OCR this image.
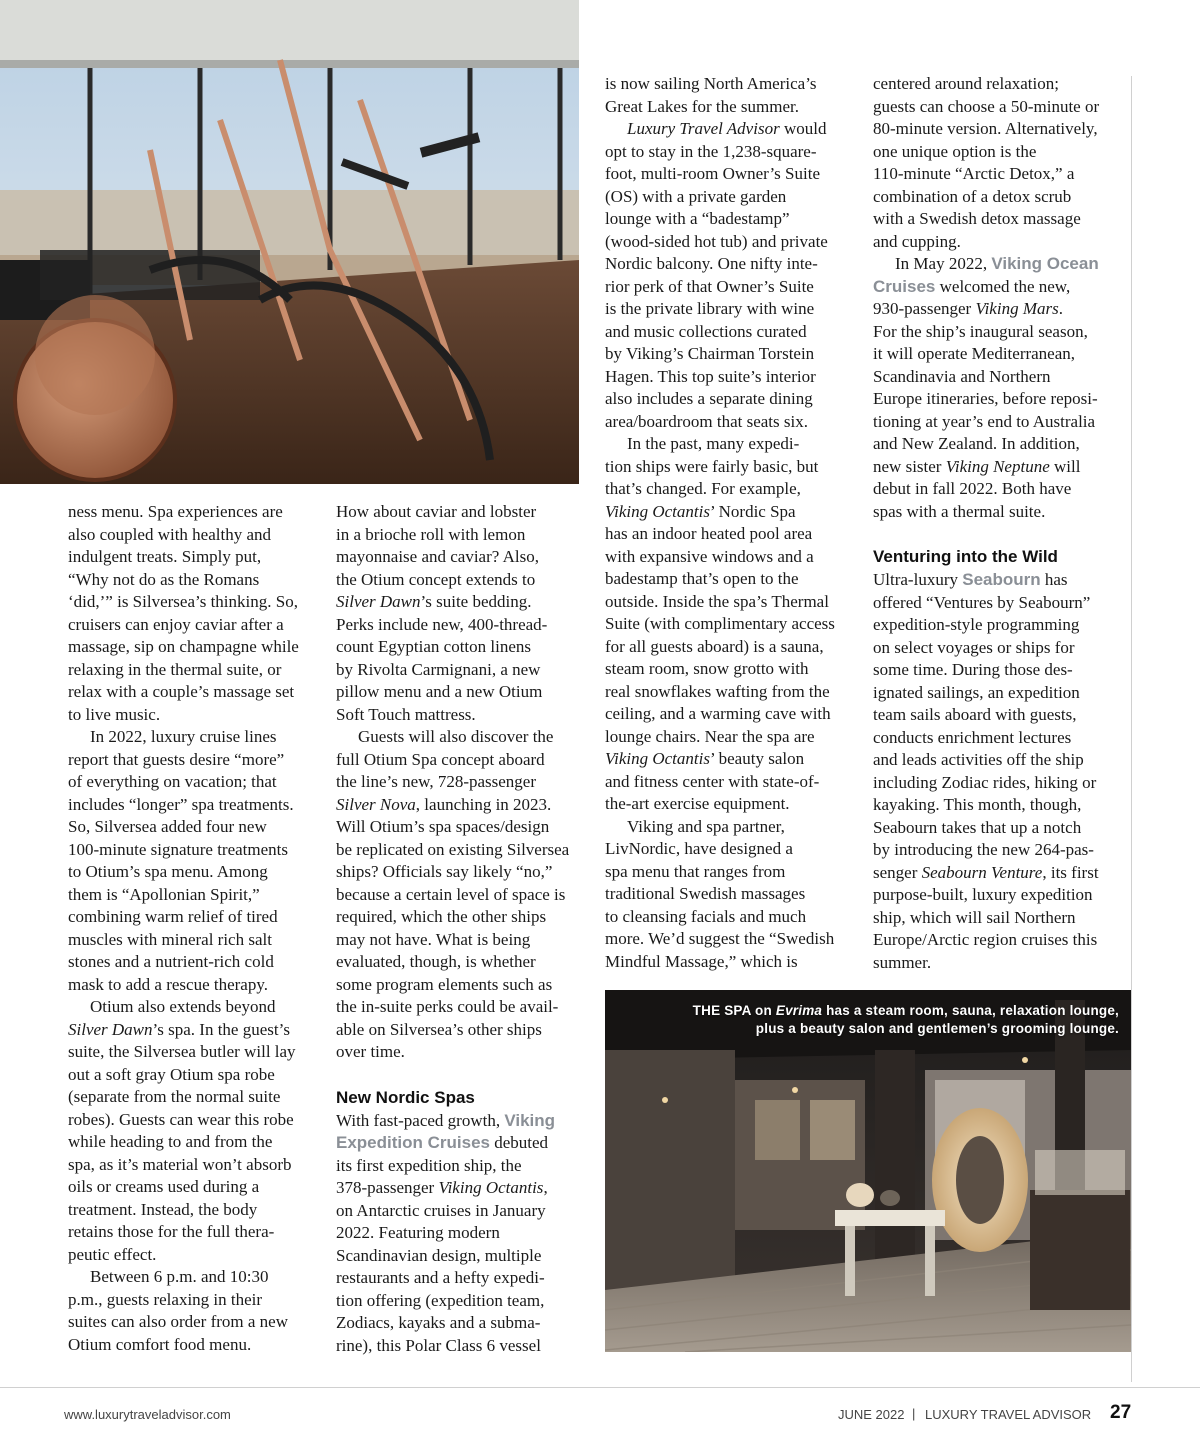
ness menu. Spa experiences are
also coupled with healthy and
indulgent treats. Simply put,
“Why not do as the Romans
‘did,’” is Silversea’s thinking. So,
cruisers can enjoy caviar after a
massage, sip on champagne while
relaxing in the thermal suite, or
relax with a couple’s massage set
to live music.

In 2022, luxury cruise lines
report that guests desire “more”
of everything on vacation; that
includes “longer” spa treatments.
So, Silversea added four new
100-minute signature treatments
to Otium’s spa menu. Among
them is “Apollonian Spirit,”
combining warm relief of tired
muscles with mineral rich salt
stones and a nutrient-rich cold
mask to add a rescue therapy.

Otium also extends beyond
Silver Dawn’s spa. In the guest’s
suite, the Silversea butler will lay
out a soft gray Otium spa robe
(separate from the normal suite
robes). Guests can wear this robe
while heading to and from the
spa, as it’s material won’t absorb
oils or creams used during a
treatment. Instead, the body
retains those for the full thera-
peutic effect.

Between 6 p.m. and 10:30
p.m., guests relaxing in their
suites can also order from a new
Otium comfort food menu.

How about caviar and lobster
in a brioche roll with lemon
mayonnaise and caviar? Also,
the Otium concept extends to
Silver Dawn’s suite bedding.
Perks include new, 400-thread-
count Egyptian cotton linens
by Rivolta Carmignani, a new
pillow menu and a new Otium
Soft Touch mattress.

Guests will also discover the
full Otium Spa concept aboard
the line’s new, 728-passenger
Silver Nova, launching in 2023.
Will Otium’s spa spaces/design
be replicated on existing Silversea
ships? Officials say likely “no,”
because a certain level of space is
required, which the other ships
may not have. What is being
evaluated, though, is whether
some program elements such as
the in-suite perks could be avail-
able on Silversea’s other ships
over time.

New Nordic Spas

With fast-paced growth, Viking
Expedition Cruises debuted
its first expedition ship, the
378-passenger Viking Octantis,
on Antarctic cruises in January
2022. Featuring modern
Scandinavian design, multiple
restaurants and a hefty expedi-
tion offering (expedition team,
Zodiacs, kayaks and a subma-
rine), this Polar Class 6 vessel

is now sailing North America’s
Great Lakes for the summer.

Luxury Travel Advisor would
opt to stay in the 1,238-square-
foot, multi-room Owner’s Suite
(OS) with a private garden
lounge with a “badestamp”
(wood-sided hot tub) and private
Nordic balcony. One nifty inte-
rior perk of that Owner’s Suite
is the private library with wine
and music collections curated
by Viking’s Chairman Torstein
Hagen. This top suite’s interior
also includes a separate dining
area/boardroom that seats six.

In the past, many expedi-
tion ships were fairly basic, but
that’s changed. For example,
Viking Octantis’ Nordic Spa
has an indoor heated pool area
with expansive windows and a
badestamp that’s open to the
outside. Inside the spa’s Thermal
Suite (with complimentary access
for all guests aboard) is a sauna,
steam room, snow grotto with
real snowflakes wafting from the
ceiling, and a warming cave with
lounge chairs. Near the spa are
Viking Octantis’ beauty salon
and fitness center with state-of-
the-art exercise equipment.

Viking and spa partner,
LivNordic, have designed a
spa menu that ranges from
traditional Swedish massages
to cleansing facials and much
more. We’d suggest the “Swedish
Mindful Massage,” which is

centered around relaxation;
guests can choose a 50-minute or
80-minute version. Alternatively,
one unique option is the
110-minute “Arctic Detox,” a
combination of a detox scrub
with a Swedish detox massage
and cupping.

In May 2022, Viking Ocean
Cruises welcomed the new,
930-passenger Viking Mars.
For the ship’s inaugural season,
it will operate Mediterranean,
Scandinavia and Northern
Europe itineraries, before reposi-
tioning at year’s end to Australia
and New Zealand. In addition,
new sister Viking Neptune will
debut in fall 2022. Both have
spas with a thermal suite.

Venturing into the Wild

Ultra-luxury Seabourn has
offered “Ventures by Seabourn”
expedition-style programming
on select voyages or ships for
some time. During those des-
ignated sailings, an expedition
team sails aboard with guests,
conducts enrichment lectures
and leads activities off the ship
including Zodiac rides, hiking or
kayaking. This month, though,
Seabourn takes that up a notch
by introducing the new 264-pas-
senger Seabourn Venture, its first
purpose-built, luxury expedition
ship, which will sail Northern
Europe/Arctic region cruises this
summer.

THE SPA on Evrima has a steam room, sauna, relaxation lounge,
plus a beauty salon and gentlemen’s grooming lounge.
www.luxurytraveladvisor.com	JUNE 2022 | LUXURY TRAVEL ADVISOR 27
